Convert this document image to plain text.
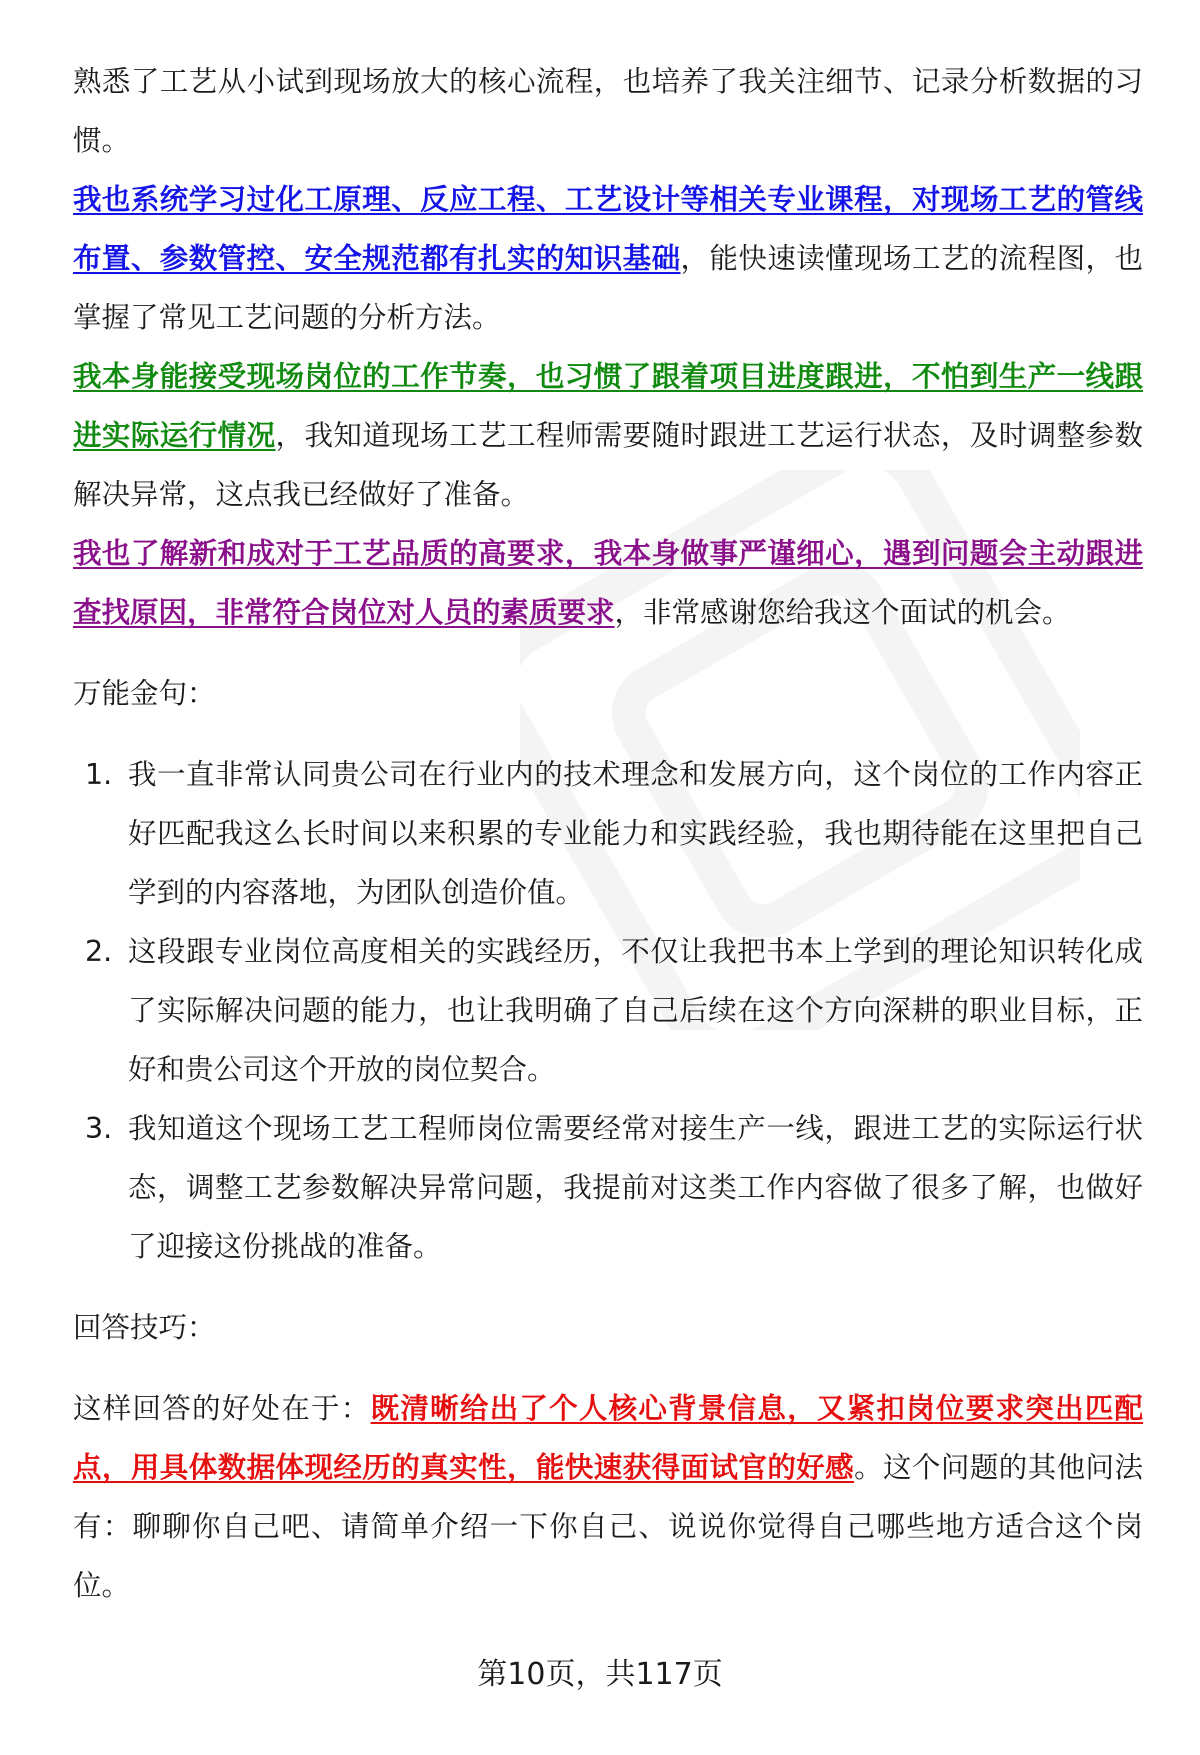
熟悉了工艺从小试到现场放大的核心流程，也培养了我关注细节、记录分析数据的习惯。

我也系统学习过化工原理、反应工程、工艺设计等相关专业课程，对现场工艺的管线布置、参数管控、安全规范都有扎实的知识基础，能快速读懂现场工艺的流程图，也掌握了常见工艺问题的分析方法。

我本身能接受现场岗位的工作节奏，也习惯了跟着项目进度跟进，不怕到生产一线跟进实际运行情况，我知道现场工艺工程师需要随时跟进工艺运行状态，及时调整参数解决异常，这点我已经做好了准备。

我也了解新和成对于工艺品质的高要求，我本身做事严谨细心，遇到问题会主动跟进查找原因，非常符合岗位对人员的素质要求，非常感谢您给我这个面试的机会。

万能金句：

1. 我一直非常认同贵公司在行业内的技术理念和发展方向，这个岗位的工作内容正好匹配我这么长时间以来积累的专业能力和实践经验，我也期待能在这里把自己学到的内容落地，为团队创造价值。
2. 这段跟专业岗位高度相关的实践经历，不仅让我把书本上学到的理论知识转化成了实际解决问题的能力，也让我明确了自己后续在这个方向深耕的职业目标，正好和贵公司这个开放的岗位契合。
3. 我知道这个现场工艺工程师岗位需要经常对接生产一线，跟进工艺的实际运行状态，调整工艺参数解决异常问题，我提前对这类工作内容做了很多了解，也做好了迎接这份挑战的准备。

回答技巧：

这样回答的好处在于：既清晰给出了个人核心背景信息，又紧扣岗位要求突出匹配点，用具体数据体现经历的真实性，能快速获得面试官的好感。这个问题的其他问法有：聊聊你自己吧、请简单介绍一下你自己、说说你觉得自己哪些地方适合这个岗位。

第10页，共117页
